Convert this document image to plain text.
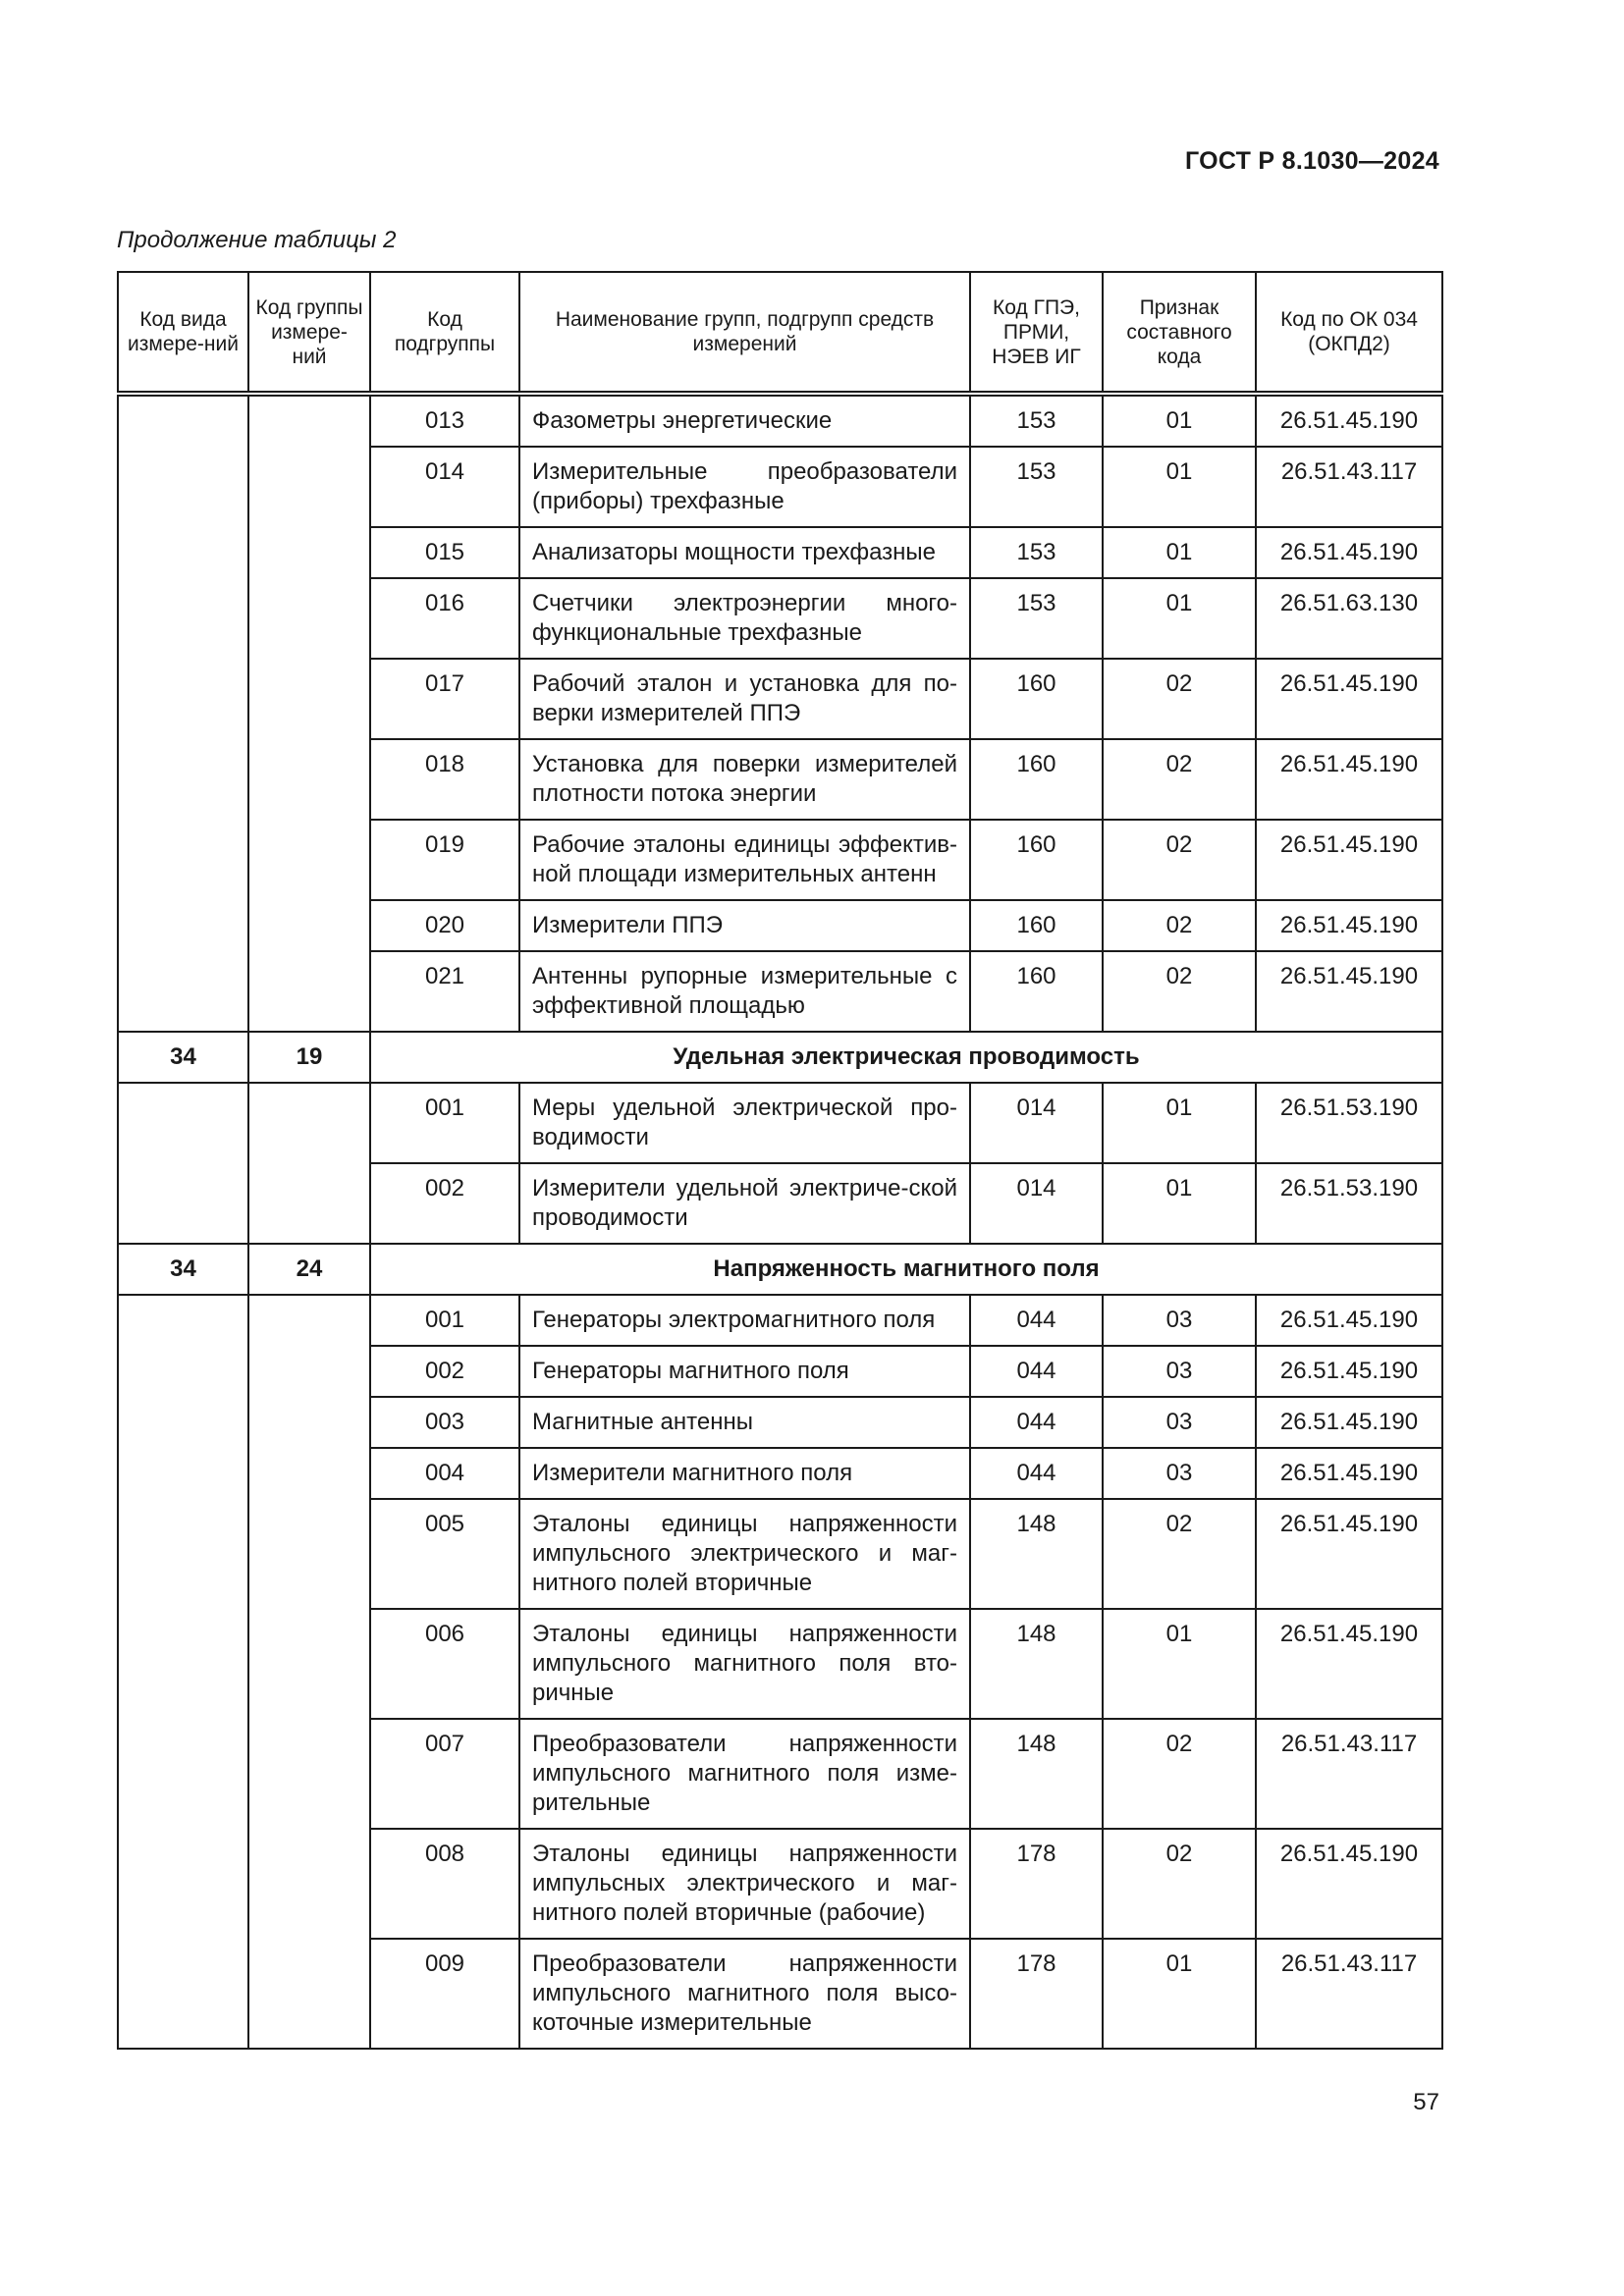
ГОСТ Р 8.1030—2024
Продолжение таблицы 2
Код вида измере-ний	Код группы измере-ний	Код подгруппы	Наименование групп, подгрупп средств измерений	Код ГПЭ, ПРМИ, НЭЕВ ИГ	Признак составного кода	Код по ОК 034 (ОКПД2)
		013	Фазометры энергетические	153	01	26.51.45.190
		014	Измерительные преобразователи (приборы) трехфазные	153	01	26.51.43.117
		015	Анализаторы мощности трехфазные	153	01	26.51.45.190
		016	Счетчики электроэнергии много-функциональные трехфазные	153	01	26.51.63.130
		017	Рабочий эталон и установка для по-верки измерителей ППЭ	160	02	26.51.45.190
		018	Установка для поверки измерителей плотности потока энергии	160	02	26.51.45.190
		019	Рабочие эталоны единицы эффектив-ной площади измерительных антенн	160	02	26.51.45.190
		020	Измерители ППЭ	160	02	26.51.45.190
		021	Антенны рупорные измерительные с эффективной площадью	160	02	26.51.45.190
34	19	Удельная электрическая проводимость				
		001	Меры удельной электрической про-водимости	014	01	26.51.53.190
		002	Измерители удельной электриче-ской проводимости	014	01	26.51.53.190
34	24	Напряженность магнитного поля				
		001	Генераторы электромагнитного поля	044	03	26.51.45.190
		002	Генераторы магнитного поля	044	03	26.51.45.190
		003	Магнитные антенны	044	03	26.51.45.190
		004	Измерители магнитного поля	044	03	26.51.45.190
		005	Эталоны единицы напряженности импульсного электрического и маг-нитного полей вторичные	148	02	26.51.45.190
		006	Эталоны единицы напряженности импульсного магнитного поля вто-ричные	148	01	26.51.45.190
		007	Преобразователи напряженности импульсного магнитного поля изме-рительные	148	02	26.51.43.117
		008	Эталоны единицы напряженности импульсных электрического и маг-нитного полей вторичные (рабочие)	178	02	26.51.45.190
		009	Преобразователи напряженности импульсного магнитного поля высо-коточные измерительные	178	01	26.51.43.117
57
